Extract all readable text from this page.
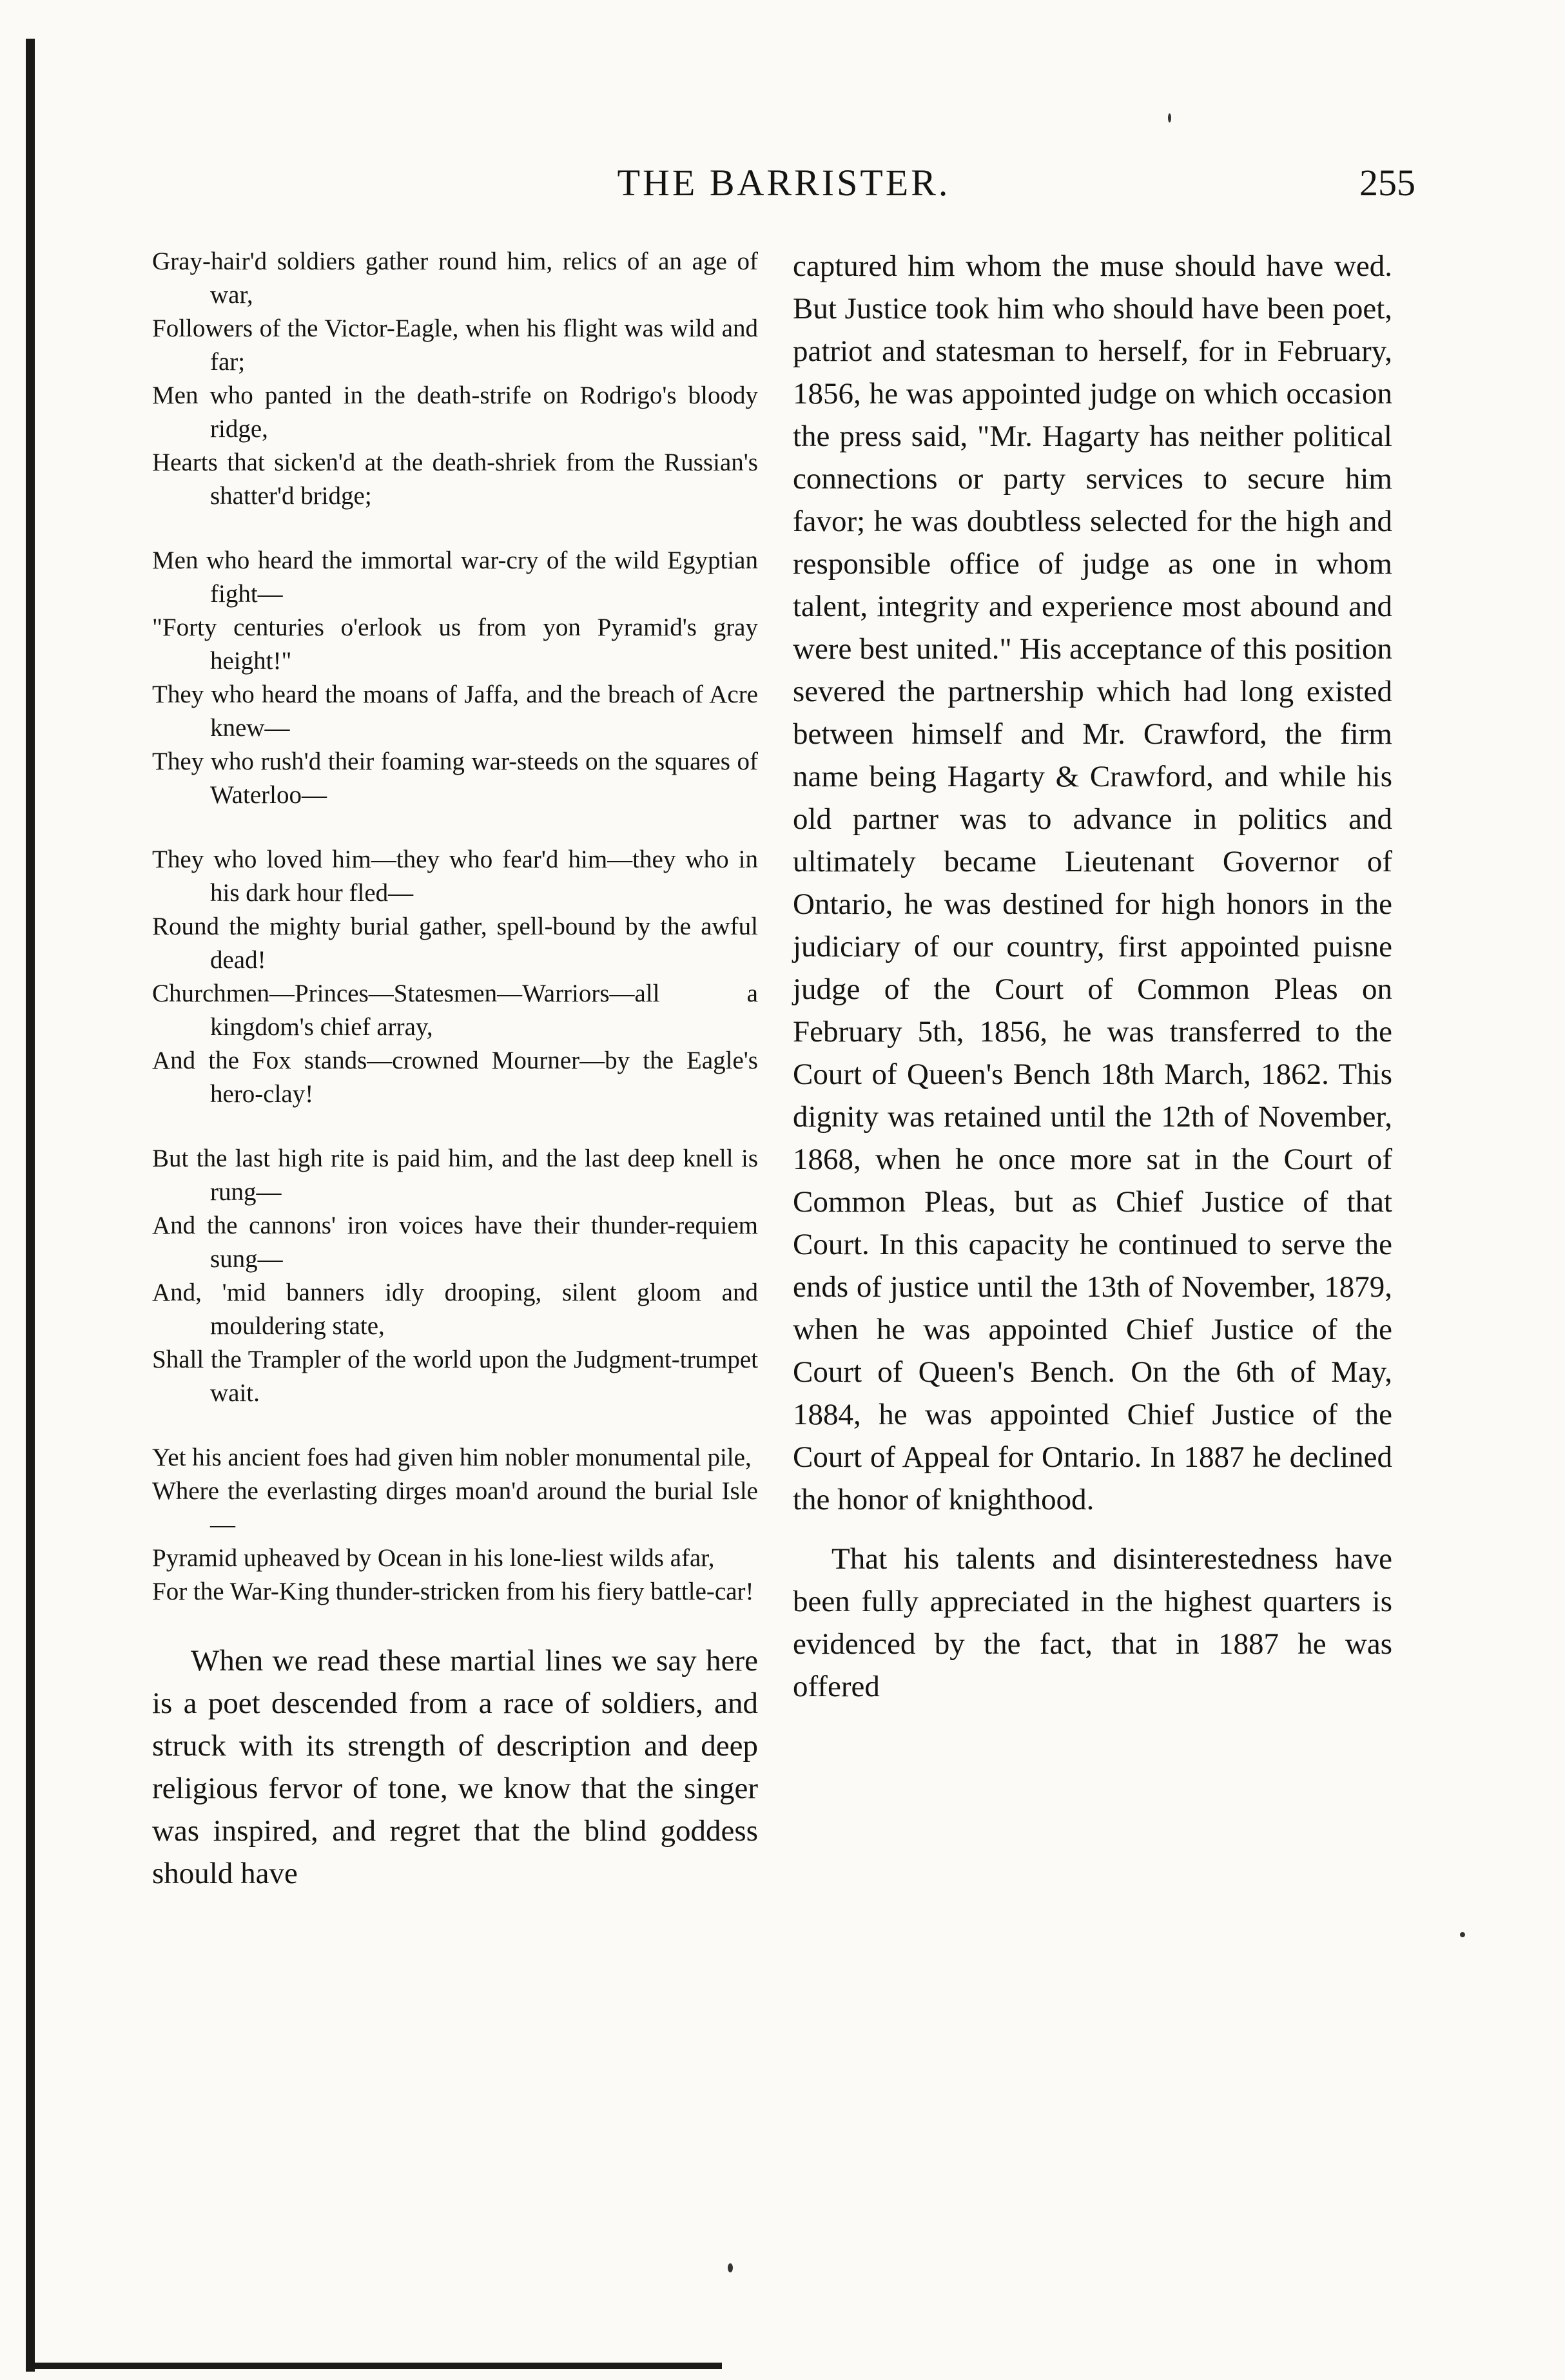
THE BARRISTER.	255
Gray-hair'd soldiers gather round him, relics of an age of war,
Followers of the Victor-Eagle, when his flight was wild and far;
Men who panted in the death-strife on Rodrigo's bloody ridge,
Hearts that sicken'd at the death-shriek from the Russian's shatter'd bridge;
Men who heard the immortal war-cry of the wild Egyptian fight—
"Forty centuries o'erlook us from yon Pyramid's gray height!"
They who heard the moans of Jaffa, and the breach of Acre knew—
They who rush'd their foaming war-steeds on the squares of Waterloo—
They who loved him—they who fear'd him—they who in his dark hour fled—
Round the mighty burial gather, spell-bound by the awful dead!
Churchmen—Princes—Statesmen—Warriors—all a kingdom's chief array,
And the Fox stands—crowned Mourner—by the Eagle's hero-clay!
But the last high rite is paid him, and the last deep knell is rung—
And the cannons' iron voices have their thunder-requiem sung—
And, 'mid banners idly drooping, silent gloom and mouldering state,
Shall the Trampler of the world upon the Judgment-trumpet wait.
Yet his ancient foes had given him nobler monumental pile,
Where the everlasting dirges moan'd around the burial Isle—
Pyramid upheaved by Ocean in his lone-liest wilds afar,
For the War-King thunder-stricken from his fiery battle-car!

When we read these martial lines we say here is a poet descended from a race of soldiers, and struck with its strength of description and deep religious fervor of tone, we know that the singer was inspired, and regret that the blind goddess should have

captured him whom the muse should have wed. But Justice took him who should have been poet, patriot and statesman to herself, for in February, 1856, he was appointed judge on which occasion the press said, "Mr. Hagarty has neither political connections or party services to secure him favor; he was doubtless selected for the high and responsible office of judge as one in whom talent, integrity and experience most abound and were best united." His acceptance of this position severed the partnership which had long existed between himself and Mr. Crawford, the firm name being Hagarty & Crawford, and while his old partner was to advance in politics and ultimately became Lieutenant Governor of Ontario, he was destined for high honors in the judiciary of our country, first appointed puisne judge of the Court of Common Pleas on February 5th, 1856, he was transferred to the Court of Queen's Bench 18th March, 1862. This dignity was retained until the 12th of November, 1868, when he once more sat in the Court of Common Pleas, but as Chief Justice of that Court. In this capacity he continued to serve the ends of justice until the 13th of November, 1879, when he was appointed Chief Justice of the Court of Queen's Bench. On the 6th of May, 1884, he was appointed Chief Justice of the Court of Appeal for Ontario. In 1887 he declined the honor of knighthood.

That his talents and disinterestedness have been fully appreciated in the highest quarters is evidenced by the fact, that in 1887 he was offered
